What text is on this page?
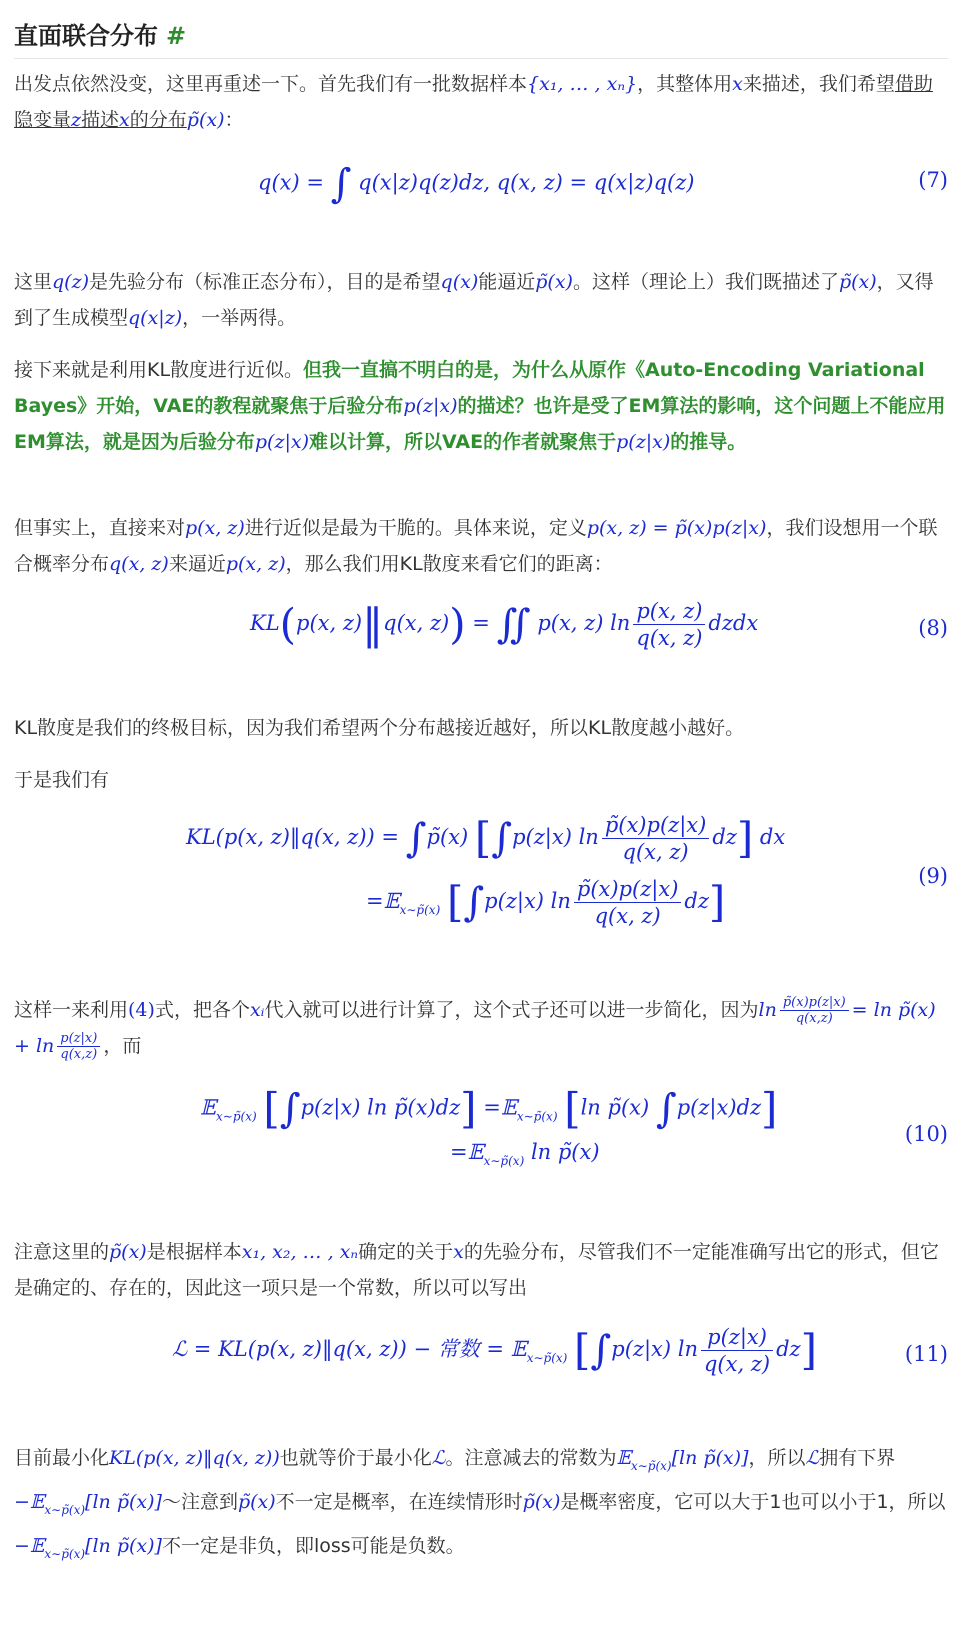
直面联合分布 #

出发点依然没变，这里再重述一下。首先我们有一批数据样本{x₁, … , xₙ}，其整体用x来描述，我们希望借助隐变量z描述x的分布p̃(x)：

q(x) = ∫ q(x|z)q(z)dz, q(x, z) = q(x|z)q(z)	(7)

这里q(z)是先验分布（标准正态分布），目的是希望q(x)能逼近p̃(x)。这样（理论上）我们既描述了p̃(x)，又得到了生成模型q(x|z)，一举两得。

接下来就是利用KL散度进行近似。但我一直搞不明白的是，为什么从原作《Auto-Encoding Variational Bayes》开始，VAE的教程就聚焦于后验分布p(z|x)的描述？也许是受了EM算法的影响，这个问题上不能应用EM算法，就是因为后验分布p(z|x)难以计算，所以VAE的作者就聚焦于p(z|x)的推导。

但事实上，直接来对p(x, z)进行近似是最为干脆的。具体来说，定义p(x, z) = p̃(x)p(z|x)，我们设想用一个联合概率分布q(x, z)来逼近p(x, z)，那么我们用KL散度来看它们的距离：

KL(p(x, z)‖q(x, z)) = ∬ p(x, z) $\ln \frac{p(x, z)}{q(x, z)}$ dzdx	(8)

KL散度是我们的终极目标，因为我们希望两个分布越接近越好，所以KL散度越小越好。

于是我们有

KL(p(x, z)‖q(x, z)) = ∫p̃(x) [∫p(z|x) $\ln \frac{p̃(x)p(z|x)}{q(x, z)} dz$] dx
=𝔼$_{x\sim p̃(x)}$ [∫p(z|x) $\ln \frac{p̃(x)p(z|x)}{q(x, z)} dz$]
(9)

这样一来利用(4)式，把各个xᵢ代入就可以进行计算了，这个式子还可以进一步简化，因为$\ln \frac{p̃(x)p(z|x)}{q(x,z)} = \ln$ p̃(x) + $\ln \frac{p(z|x)}{q(x,z)}$ ，而

𝔼$_{x\sim p̃(x)}$ [∫p(z|x) ln p̃(x)dz] =𝔼$_{x\sim p̃(x)}$ [ln p̃(x) ∫p(z|x)dz]
=𝔼$_{x\sim p̃(x)}$ ln p̃(x)
(10)

注意这里的p̃(x)是根据样本x₁, x₂, … , xₙ确定的关于x的先验分布，尽管我们不一定能准确写出它的形式，但它是确定的、存在的，因此这一项只是一个常数，所以可以写出

ℒ = KL(p(x, z)‖q(x, z)) − 常数 = 𝔼$_{x\sim p̃(x)}$ [∫p(z|x) $\ln \frac{p(z|x)}{q(x, z)} dz$]	(11)

目前最小化KL(p(x, z)‖q(x, z))也就等价于最小化ℒ。注意减去的常数为𝔼$_{x\sim p̃(x)}$[ln p̃(x)]，所以ℒ拥有下界−𝔼$_{x\sim p̃(x)}$[ln p̃(x)]～注意到p̃(x)不一定是概率，在连续情形时p̃(x)是概率密度，它可以大于1也可以小于1，所以−𝔼$_{x\sim p̃(x)}$[ln p̃(x)]不一定是非负，即loss可能是负数。
